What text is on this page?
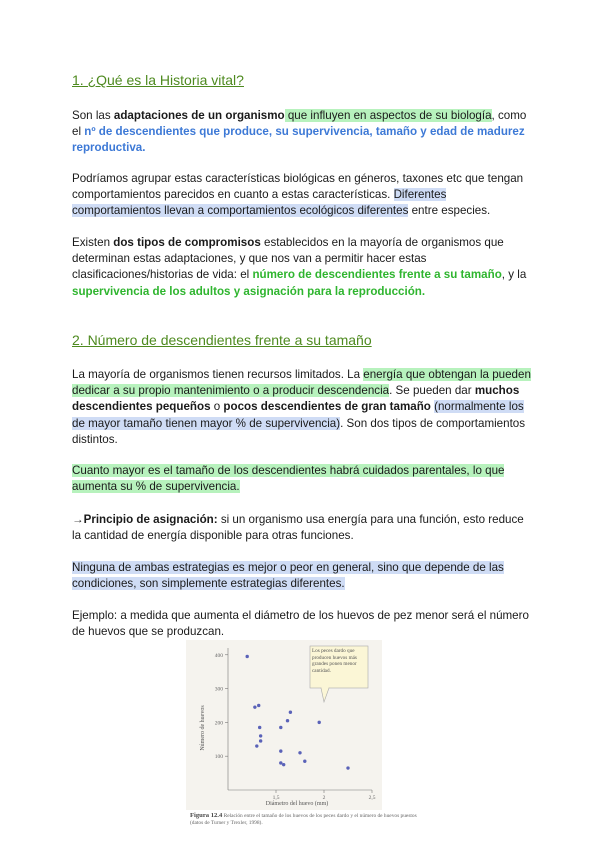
1. ¿Qué es la Historia vital?

Son las adaptaciones de un organismo que influyen en aspectos de su biología, como el nº de descendientes que produce, su supervivencia, tamaño y edad de madurez reproductiva.

Podríamos agrupar estas características biológicas en géneros, taxones etc que tengan comportamientos parecidos en cuanto a estas características. Diferentes comportamientos llevan a comportamientos ecológicos diferentes entre especies.

Existen dos tipos de compromisos establecidos en la mayoría de organismos que determinan estas adaptaciones, y que nos van a permitir hacer estas clasificaciones/historias de vida: el número de descendientes frente a su tamaño, y la supervivencia de los adultos y asignación para la reproducción.

2. Número de descendientes frente a su tamaño

La mayoría de organismos tienen recursos limitados. La energía que obtengan la pueden dedicar a su propio mantenimiento o a producir descendencia. Se pueden dar muchos descendientes pequeños o pocos descendientes de gran tamaño (normalmente los de mayor tamaño tienen mayor % de supervivencia). Son dos tipos de comportamientos distintos.

Cuanto mayor es el tamaño de los descendientes habrá cuidados parentales, lo que aumenta su % de supervivencia.

→Principio de asignación: si un organismo usa energía para una función, esto reduce la cantidad de energía disponible para otras funciones.

Ninguna de ambas estrategias es mejor o peor en general, sino que depende de las condiciones, son simplemente estrategias diferentes.

Ejemplo: a medida que aumenta el diámetro de los huevos de pez menor será el número de huevos que se produzcan.

100
200
300
400
1,5	2	2,5
Número de huevos
Diámetro del huevo (mm)
Los peces dardo que producen huevos más grandes ponen menor cantidad.
Figura 12.4 Relación entre el tamaño de los huevos de los peces dardo y el número de huevos puestos (datos de Turner y Trexler, 1998).
